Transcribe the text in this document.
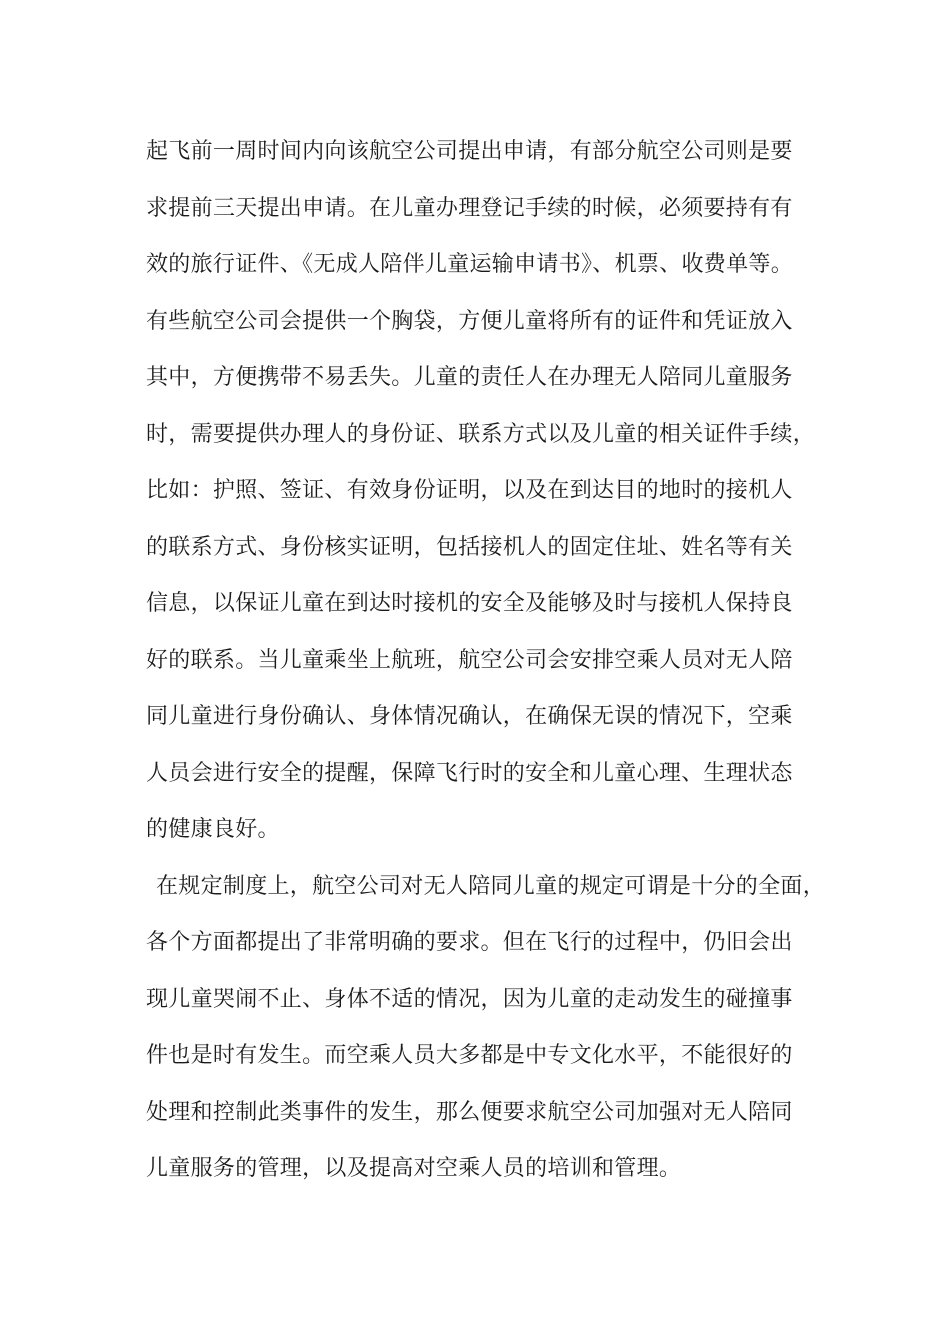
起飞前一周时间内向该航空公司提出申请，有部分航空公司则是要
求提前三天提出申请。在儿童办理登记手续的时候，必须要持有有
效的旅行证件、《无成人陪伴儿童运输申请书》、机票、收费单等。
有些航空公司会提供一个胸袋，方便儿童将所有的证件和凭证放入
其中，方便携带不易丢失。儿童的责任人在办理无人陪同儿童服务
时，需要提供办理人的身份证、联系方式以及儿童的相关证件手续，
比如：护照、签证、有效身份证明，以及在到达目的地时的接机人
的联系方式、身份核实证明，包括接机人的固定住址、姓名等有关
信息，以保证儿童在到达时接机的安全及能够及时与接机人保持良
好的联系。当儿童乘坐上航班，航空公司会安排空乘人员对无人陪
同儿童进行身份确认、身体情况确认，在确保无误的情况下，空乘
人员会进行安全的提醒，保障飞行时的安全和儿童心理、生理状态
的健康良好。
在规定制度上，航空公司对无人陪同儿童的规定可谓是十分的全面，
各个方面都提出了非常明确的要求。但在飞行的过程中，仍旧会出
现儿童哭闹不止、身体不适的情况，因为儿童的走动发生的碰撞事
件也是时有发生。而空乘人员大多都是中专文化水平，不能很好的
处理和控制此类事件的发生，那么便要求航空公司加强对无人陪同
儿童服务的管理，以及提高对空乘人员的培训和管理。
